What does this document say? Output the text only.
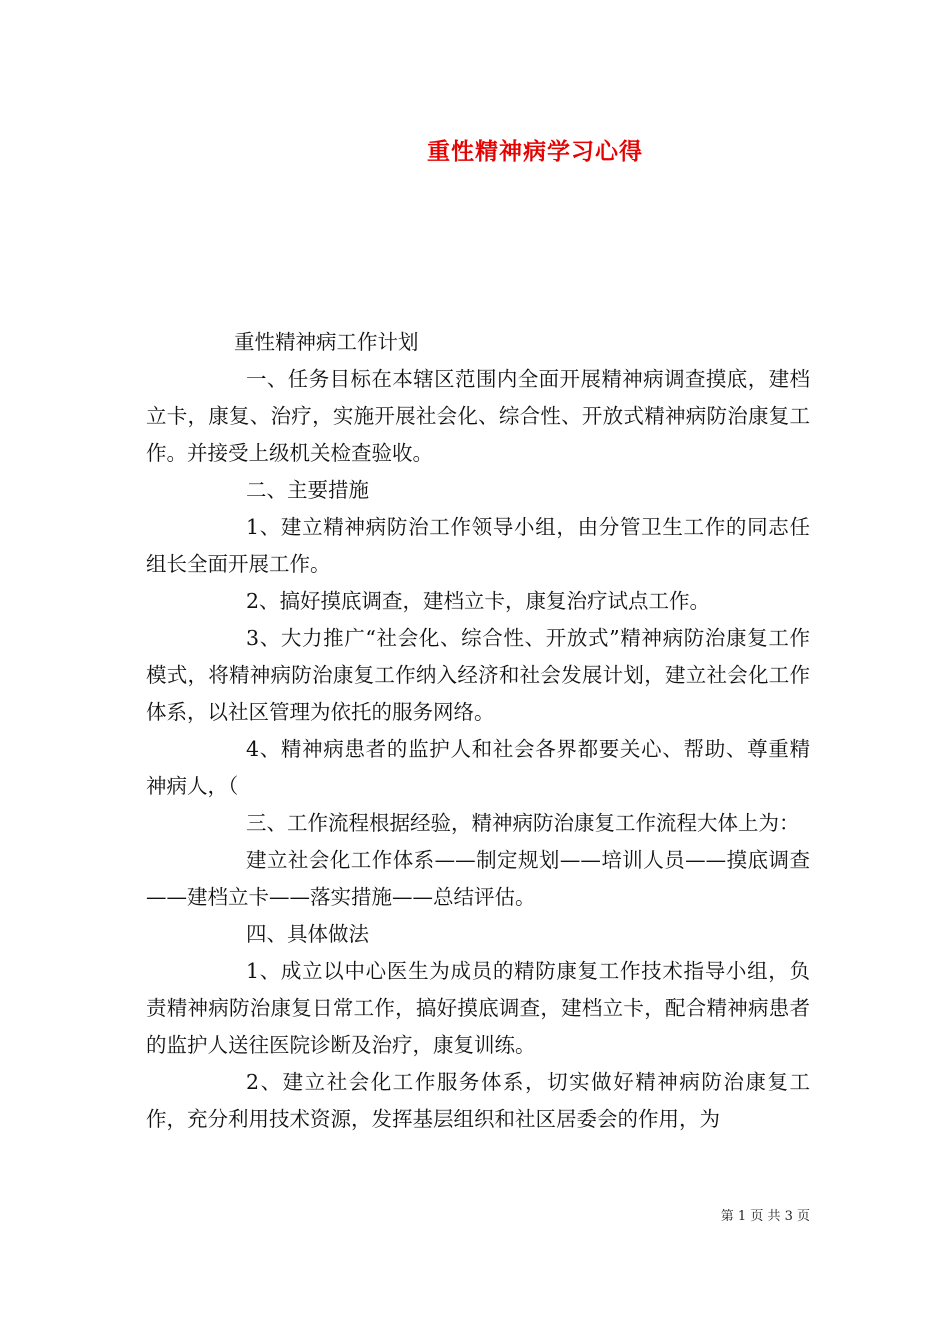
重性精神病学习心得

重性精神病工作计划

一、任务目标在本辖区范围内全面开展精神病调查摸底，建档立卡，康复、治疗，实施开展社会化、综合性、开放式精神病防治康复工作。并接受上级机关检查验收。

二、主要措施

1、建立精神病防治工作领导小组，由分管卫生工作的同志任组长全面开展工作。

2、搞好摸底调查，建档立卡，康复治疗试点工作。

3、大力推广“社会化、综合性、开放式”精神病防治康复工作模式，将精神病防治康复工作纳入经济和社会发展计划，建立社会化工作体系，以社区管理为依托的服务网络。

4、精神病患者的监护人和社会各界都要关心、帮助、尊重精神病人，（

三、工作流程根据经验，精神病防治康复工作流程大体上为：

建立社会化工作体系——制定规划——培训人员——摸底调查——建档立卡——落实措施——总结评估。

四、具体做法

1、成立以中心医生为成员的精防康复工作技术指导小组，负责精神病防治康复日常工作，搞好摸底调查，建档立卡，配合精神病患者的监护人送往医院诊断及治疗，康复训练。

2、建立社会化工作服务体系，切实做好精神病防治康复工作，充分利用技术资源，发挥基层组织和社区居委会的作用，为

第 1 页 共 3 页
